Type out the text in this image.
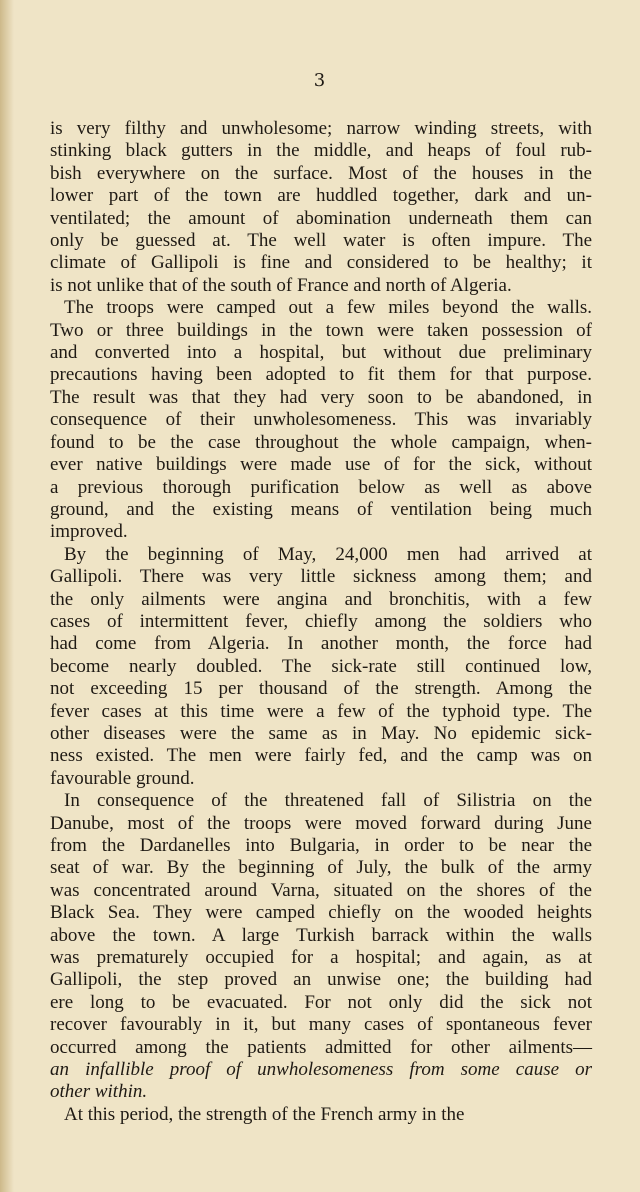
3
is very filthy and unwholesome; narrow winding streets, with
stinking black gutters in the middle, and heaps of foul rub-
bish everywhere on the surface. Most of the houses in the
lower part of the town are huddled together, dark and un-
ventilated; the amount of abomination underneath them can
only be guessed at. The well water is often impure. The
climate of Gallipoli is fine and considered to be healthy; it
is not unlike that of the south of France and north of Algeria.
The troops were camped out a few miles beyond the walls.
Two or three buildings in the town were taken possession of
and converted into a hospital, but without due preliminary
precautions having been adopted to fit them for that purpose.
The result was that they had very soon to be abandoned, in
consequence of their unwholesomeness. This was invariably
found to be the case throughout the whole campaign, when-
ever native buildings were made use of for the sick, without
a previous thorough purification below as well as above
ground, and the existing means of ventilation being much
improved.
By the beginning of May, 24,000 men had arrived at
Gallipoli. There was very little sickness among them; and
the only ailments were angina and bronchitis, with a few
cases of intermittent fever, chiefly among the soldiers who
had come from Algeria. In another month, the force had
become nearly doubled. The sick-rate still continued low,
not exceeding 15 per thousand of the strength. Among the
fever cases at this time were a few of the typhoid type. The
other diseases were the same as in May. No epidemic sick-
ness existed. The men were fairly fed, and the camp was on
favourable ground.
In consequence of the threatened fall of Silistria on the
Danube, most of the troops were moved forward during June
from the Dardanelles into Bulgaria, in order to be near the
seat of war. By the beginning of July, the bulk of the army
was concentrated around Varna, situated on the shores of the
Black Sea. They were camped chiefly on the wooded heights
above the town. A large Turkish barrack within the walls
was prematurely occupied for a hospital; and again, as at
Gallipoli, the step proved an unwise one; the building had
ere long to be evacuated. For not only did the sick not
recover favourably in it, but many cases of spontaneous fever
occurred among the patients admitted for other ailments—
an infallible proof of unwholesomeness from some cause or
other within.
At this period, the strength of the French army in the
